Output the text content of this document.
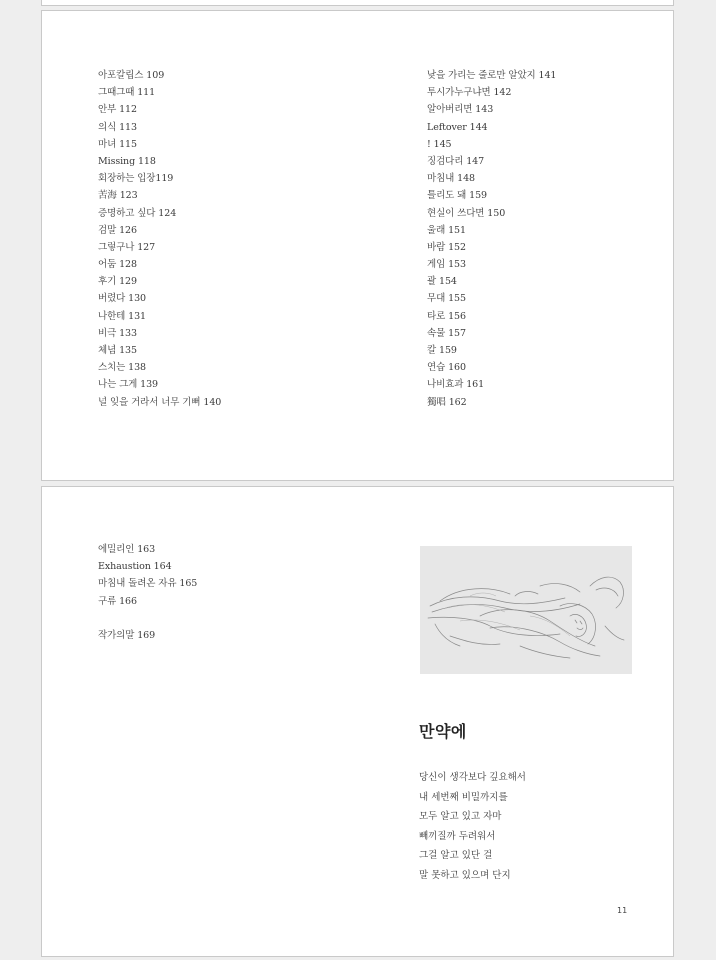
아포칼립스 109
그때그때 111
안부 112
의식 113
마녀 115
Missing 118
회장하는 입장119
苦海 123
증명하고 싶다 124
검말 126
그렇구나 127
어둠 128
후기 129
버렸다 130
나한테 131
비극 133
체념 135
스치는 138
나는 그게 139
널 잊을 거라서 너무 기뻐 140
낮을 가리는 줄로만 알았지 141
투시가누구냐면 142
알아버리면 143
Leftover 144
! 145
징검다리 147
마침내 148
틀리도 돼 159
현실이 쓰다면 150
울래 151
바람 152
게임 153
괄 154
무대 155
타로 156
속물 157
칼 159
연습 160
나비효과 161
獨唱 162
에밀리인 163
Exhaustion 164
마침내 돌려온 자유 165
구류 166
작가의말 169
만약에
당신이 생각보다 깊요해서
내 세번째 비밀까지를
모두 알고 있고 자마
빼끼질까 두려워서
그걸 알고 있단 걸
말 못하고 있으며 단지
11
